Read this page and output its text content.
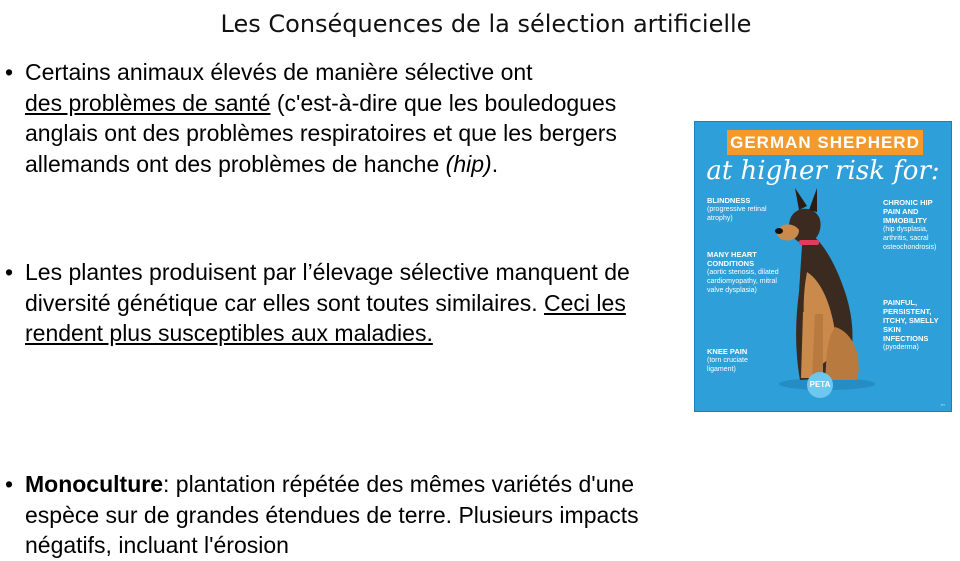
Les Conséquences de la sélection artificielle
• Certains animaux élevés de manière sélective ont
des problèmes de santé (c'est-à-dire que les bouledogues anglais ont des problèmes respiratoires et que les bergers allemands ont des problèmes de hanche (hip).
• Les plantes produisent par l’élevage sélective manquent de diversité génétique car elles sont toutes similaires. Ceci les rendent plus susceptibles aux maladies.
• Monoculture: plantation répétée des mêmes variétés d'une espèce sur de grandes étendues de terre. Plusieurs impacts négatifs, incluant l'érosion
GERMAN SHEPHERD
at higher risk for:
BLINDNESS
(progressive retinal atrophy)
MANY HEART CONDITIONS
(aortic stenosis, dilated cardiomyopathy, mitral valve dysplasia)
KNEE PAIN
(torn cruciate ligament)
CHRONIC HIP PAIN AND IMMOBILITY
(hip dysplasia, arthritis, sacral osteochondrosis)
PAINFUL, PERSISTENT, ITCHY, SMELLY SKIN INFECTIONS
(pyoderma)
PETA
▪▪▪
